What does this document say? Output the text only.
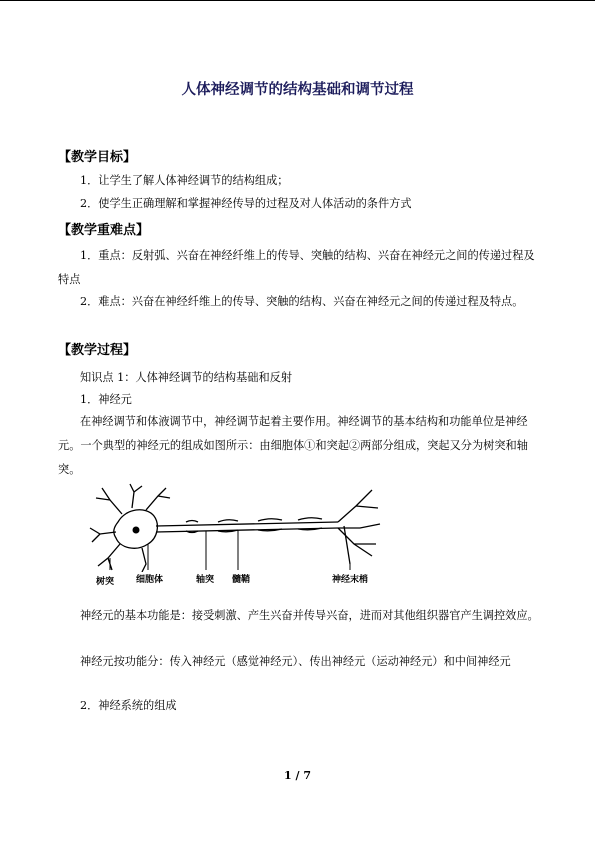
人体神经调节的结构基础和调节过程
【教学目标】
1．让学生了解人体神经调节的结构组成；
2．使学生正确理解和掌握神经传导的过程及对人体活动的条件方式
【教学重难点】
1．重点：反射弧、兴奋在神经纤维上的传导、突触的结构、兴奋在神经元之间的传递过程及特点
2．难点：兴奋在神经纤维上的传导、突触的结构、兴奋在神经元之间的传递过程及特点。
【教学过程】
知识点 1：人体神经调节的结构基础和反射
1．神经元
在神经调节和体液调节中，神经调节起着主要作用。神经调节的基本结构和功能单位是神经元。一个典型的神经元的组成如图所示：由细胞体①和突起②两部分组成，突起又分为树突和轴突。
树突 细胞体	轴突 髓鞘	神经末梢
神经元的基本功能是：接受刺激、产生兴奋并传导兴奋，进而对其他组织器官产生调控效应。
神经元按功能分：传入神经元（感觉神经元）、传出神经元（运动神经元）和中间神经元
2．神经系统的组成
1 / 7
